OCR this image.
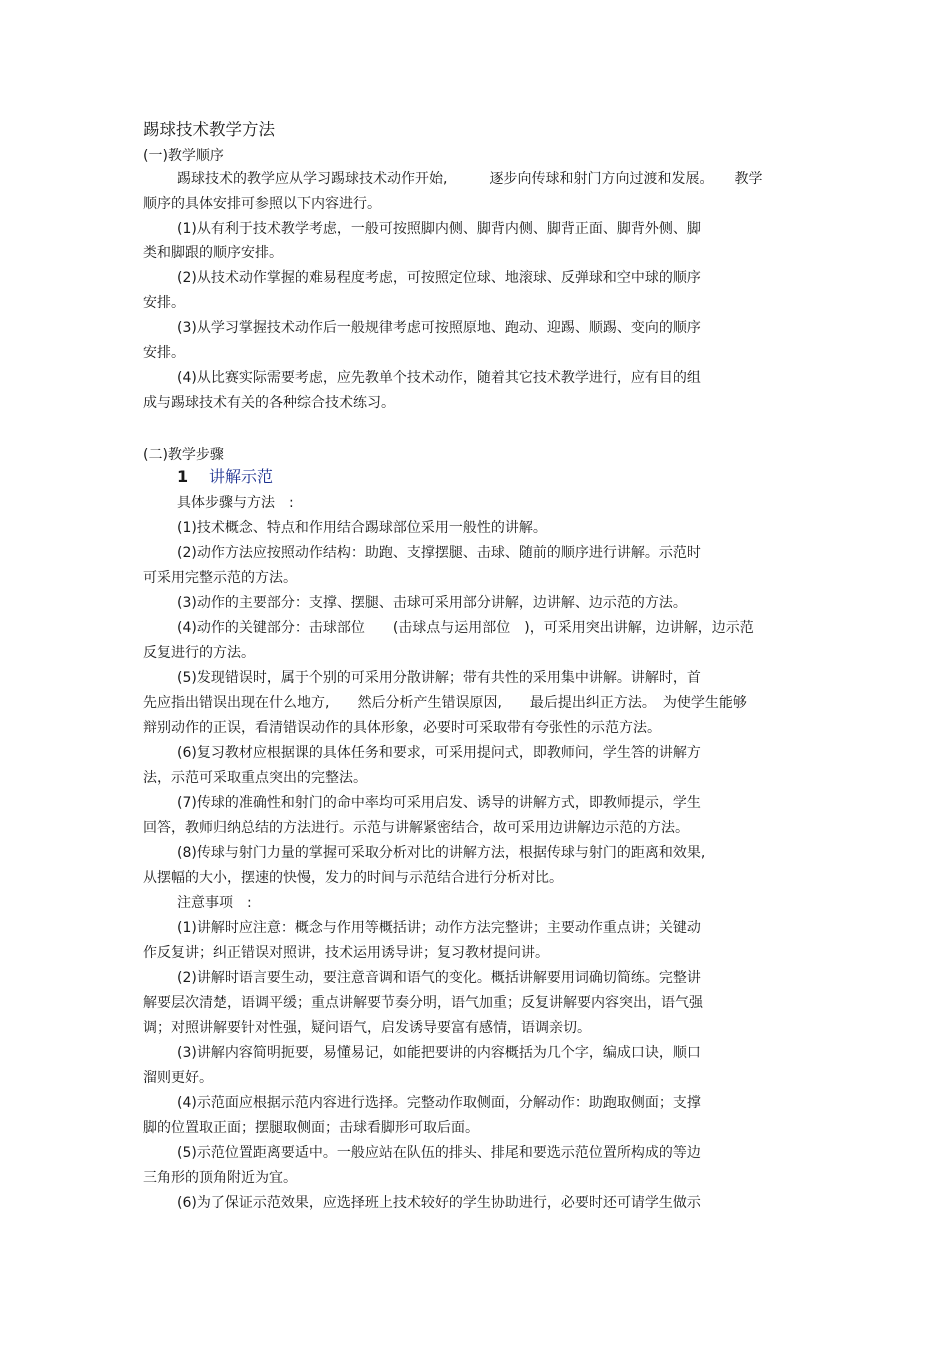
踢球技术教学方法
(一)教学顺序
踢球技术的教学应从学习踢球技术动作开始,　　　逐步向传球和射门方向过渡和发展。　　教学
顺序的具体安排可参照以下内容进行。
(1)从有利于技术教学考虑，一般可按照脚内侧、脚背内侧、脚背正面、脚背外侧、脚
类和脚跟的顺序安排。
(2)从技术动作掌握的难易程度考虑，可按照定位球、地滚球、反弹球和空中球的顺序
安排。
(3)从学习掌握技术动作后一般规律考虑可按照原地、跑动、迎踢、顺踢、变向的顺序
安排。
(4)从比赛实际需要考虑，应先教单个技术动作，随着其它技术教学进行，应有目的组
成与踢球技术有关的各种综合技术练习。
(二)教学步骤
1 讲解示范
具体步骤与方法　:
(1)技术概念、特点和作用结合踢球部位采用一般性的讲解。
(2)动作方法应按照动作结构：助跑、支撑摆腿、击球、随前的顺序进行讲解。示范时
可采用完整示范的方法。
(3)动作的主要部分：支撑、摆腿、击球可采用部分讲解，边讲解、边示范的方法。
(4)动作的关键部分：击球部位　　(击球点与运用部位　)，可采用突出讲解，边讲解，边示范
反复进行的方法。
(5)发现错误时，属于个别的可采用分散讲解；带有共性的采用集中讲解。讲解时，首
先应指出错误出现在什么地方,　　然后分析产生错误原因,　　最后提出纠正方法。　为使学生能够
辩别动作的正误，看清错误动作的具体形象，必要时可采取带有夸张性的示范方法。
(6)复习教材应根据课的具体任务和要求，可采用提问式，即教师问，学生答的讲解方
法，示范可采取重点突出的完整法。
(7)传球的准确性和射门的命中率均可采用启发、诱导的讲解方式，即教师提示，学生
回答，教师归纳总结的方法进行。示范与讲解紧密结合，故可采用边讲解边示范的方法。
(8)传球与射门力量的掌握可采取分析对比的讲解方法，根据传球与射门的距离和效果,
从摆幅的大小，摆速的快慢，发力的时间与示范结合进行分析对比。
注意事项　:
(1)讲解时应注意：概念与作用等概括讲；动作方法完整讲；主要动作重点讲；关键动
作反复讲；纠正错误对照讲，技术运用诱导讲；复习教材提问讲。
(2)讲解时语言要生动，要注意音调和语气的变化。概括讲解要用词确切简练。完整讲
解要层次清楚，语调平缓；重点讲解要节奏分明，语气加重；反复讲解要内容突出，语气强
调；对照讲解要针对性强，疑问语气，启发诱导要富有感情，语调亲切。
(3)讲解内容简明扼要，易懂易记，如能把要讲的内容概括为几个字，编成口诀，顺口
溜则更好。
(4)示范面应根据示范内容进行选择。完整动作取侧面，分解动作：助跑取侧面；支撑
脚的位置取正面；摆腿取侧面；击球看脚形可取后面。
(5)示范位置距离要适中。一般应站在队伍的排头、排尾和要选示范位置所构成的等边
三角形的顶角附近为宜。
(6)为了保证示范效果，应选择班上技术较好的学生协助进行，必要时还可请学生做示
